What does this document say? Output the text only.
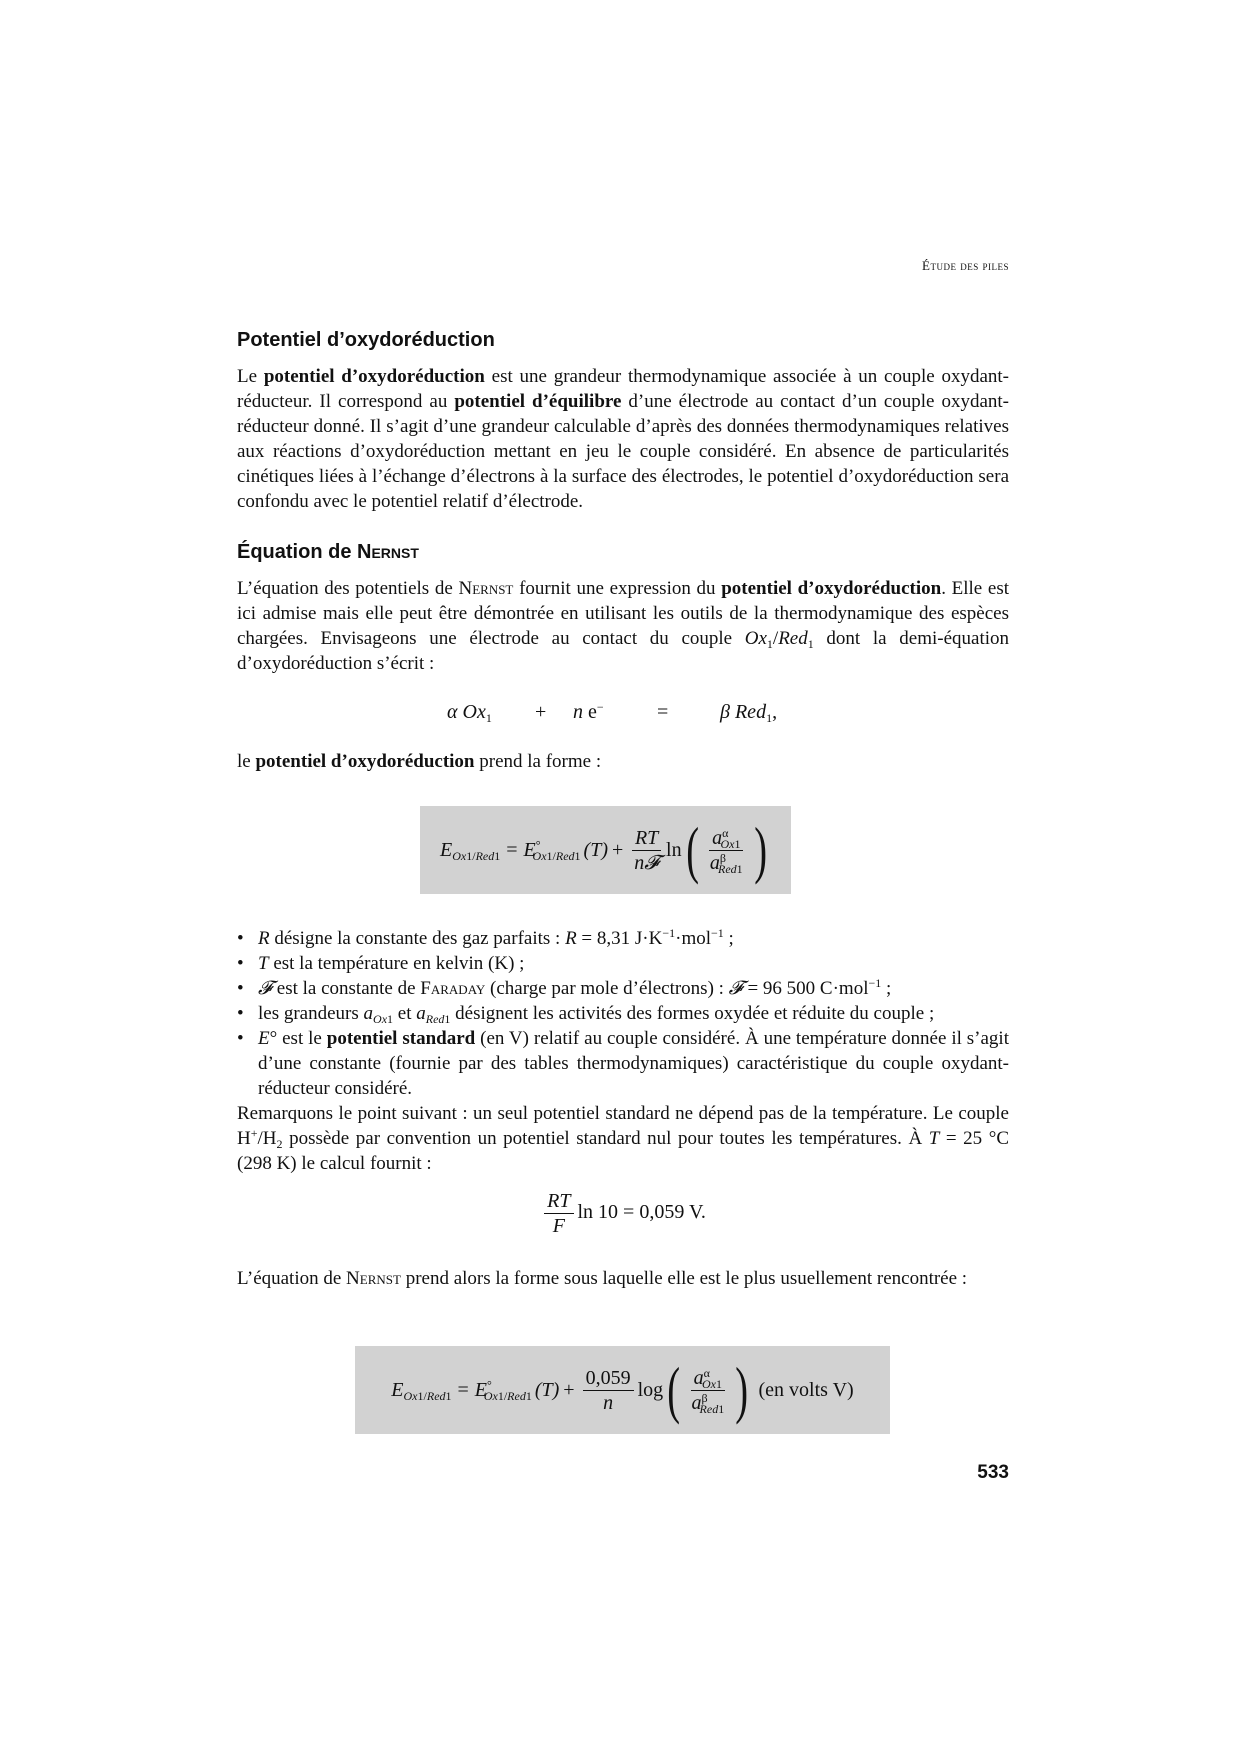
Étude des piles
Potentiel d’oxydoréduction

Le potentiel d’oxydoréduction est une grandeur thermodynamique associée à un couple oxydant-réducteur. Il correspond au potentiel d’équilibre d’une électrode au contact d’un couple oxydant-réducteur donné. Il s’agit d’une grandeur calculable d’après des données thermodynamiques relatives aux réactions d’oxydoréduction mettant en jeu le couple considéré. En absence de particularités cinétiques liées à l’échange d’électrons à la surface des électrodes, le potentiel d’oxydoréduction sera confondu avec le potentiel relatif d’électrode.

Équation de Nernst

L’équation des potentiels de Nernst fournit une expression du potentiel d’oxydoréduction. Elle est ici admise mais elle peut être démontrée en utilisant les outils de la thermodynamique des espèces chargées. Envisageons une électrode au contact du couple $Ox_1/Red_1$ dont la demi-équation d’oxydoréduction s’écrit :

α $Ox_1 + n$ e−	=	β Red$_1$,

le potentiel d’oxydoréduction prend la forme :

$E_{Ox1/Red1} = E^\circ_{Ox1/Red1}$ $(T) + \frac{RT}{\text{n𝓕}}$ ln ( $\frac{a^\alpha_{Ox1}}{a^\beta_{Red1}}$ )
• R désigne la constante des gaz parfaits : R = 8,31 $J\cdot K^{-1}\cdot mol^{-1}$ ;
• T est la température en kelvin (K) ;
• 𝓕 est la constante de Faraday (charge par mole d’électrons) : 𝓕 = 96 500 C·mol$^{-1}$ ;
• les grandeurs $a_{Ox1}$ et $a_{Red1}$ désignent les activités des formes oxydée et réduite du couple ;
• E° est le potentiel standard (en V) relatif au couple considéré. À une température donnée il s’agit d’une constante (fournie par des tables thermodynamiques) caractéristique du couple oxydant-réducteur considéré.

Remarquons le point suivant : un seul potentiel standard ne dépend pas de la température. Le couple $H^+/H_2$ possède par convention un potentiel standard nul pour toutes les températures. À T = 25 °C (298 K) le calcul fournit :

$\frac{RT}{F}$ ln 10 = 0,059 V.

L’équation de Nernst prend alors la forme sous laquelle elle est le plus usuellement rencontrée :

$E_{Ox1/Red1} = E^\circ_{Ox1/Red1}$ $(T) + \frac{0,059}{n}$ log ( $\frac{a^\alpha_{Ox1}}{a^\beta_{Red1}}$ ) (en volts V)
533
